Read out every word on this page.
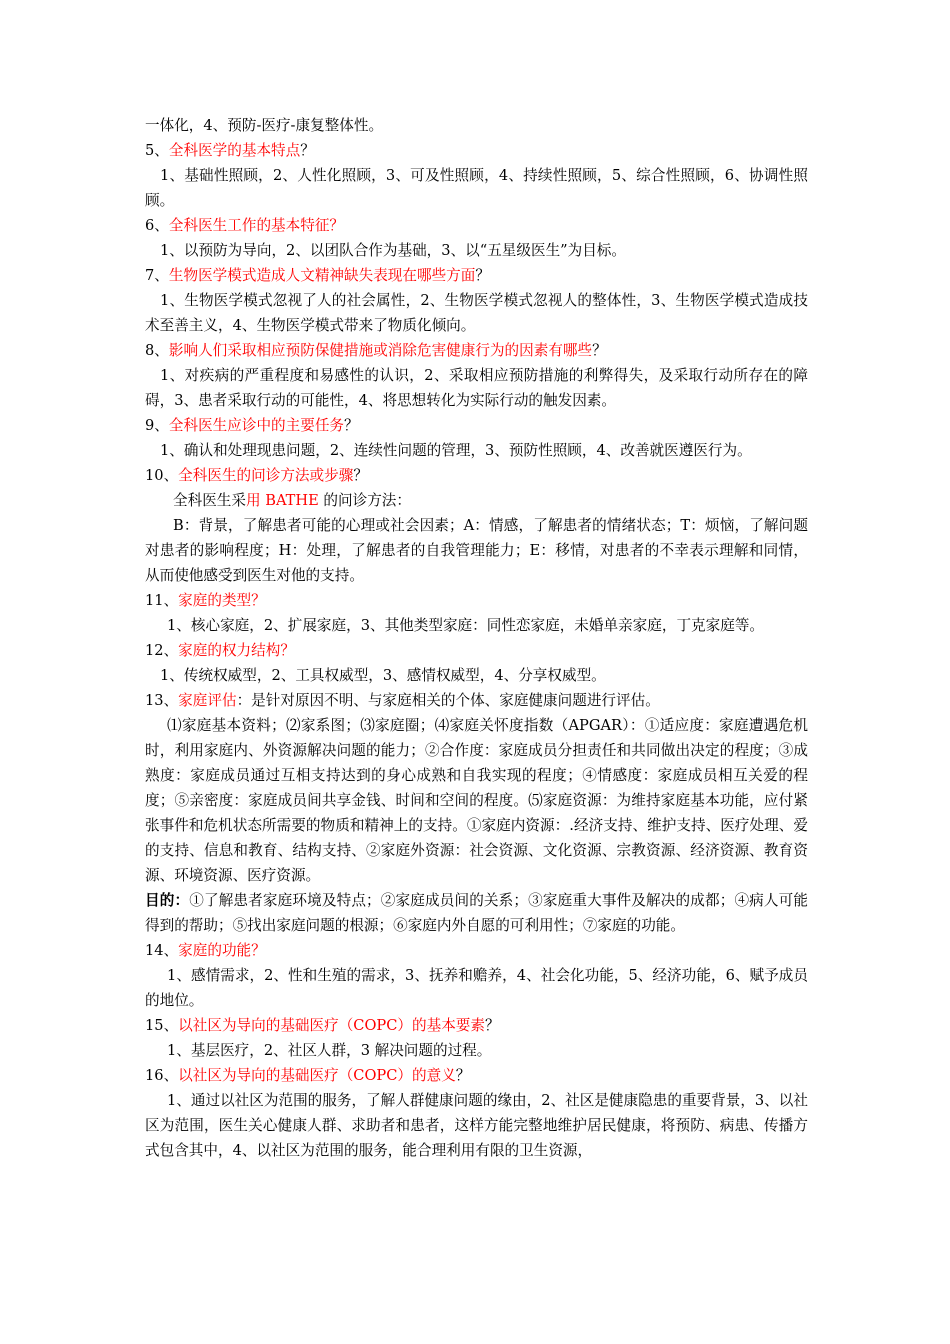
一体化，4、预防-医疗-康复整体性。

5、全科医学的基本特点？

1、基础性照顾，2、人性化照顾，3、可及性照顾，4、持续性照顾，5、综合性照顾，6、协调性照顾。

6、全科医生工作的基本特征？

1、以预防为导向，2、以团队合作为基础，3、以“五星级医生”为目标。

7、生物医学模式造成人文精神缺失表现在哪些方面？

1、生物医学模式忽视了人的社会属性，2、生物医学模式忽视人的整体性，3、生物医学模式造成技术至善主义，4、生物医学模式带来了物质化倾向。

8、影响人们采取相应预防保健措施或消除危害健康行为的因素有哪些？

1、对疾病的严重程度和易感性的认识，2、采取相应预防措施的利弊得失，及采取行动所存在的障碍，3、患者采取行动的可能性，4、将思想转化为实际行动的触发因素。

9、全科医生应诊中的主要任务？

1、确认和处理现患问题，2、连续性问题的管理，3、预防性照顾，4、改善就医遵医行为。

10、全科医生的问诊方法或步骤？

全科医生采用 BATHE 的问诊方法：

B：背景，了解患者可能的心理或社会因素；A：情感，了解患者的情绪状态；T：烦恼，了解问题对患者的影响程度；H：处理，了解患者的自我管理能力；E：移情，对患者的不幸表示理解和同情，从而使他感受到医生对他的支持。

11、家庭的类型？

1、核心家庭，2、扩展家庭，3、其他类型家庭：同性恋家庭，未婚单亲家庭，丁克家庭等。

12、家庭的权力结构？

1、传统权威型，2、工具权威型，3、感情权威型，4、分享权威型。

13、家庭评估：是针对原因不明、与家庭相关的个体、家庭健康问题进行评估。

⑴家庭基本资料；⑵家系图；⑶家庭圈；⑷家庭关怀度指数（APGAR）：①适应度：家庭遭遇危机时，利用家庭内、外资源解决问题的能力；②合作度：家庭成员分担责任和共同做出决定的程度；③成熟度：家庭成员通过互相支持达到的身心成熟和自我实现的程度；④情感度：家庭成员相互关爱的程度；⑤亲密度：家庭成员间共享金钱、时间和空间的程度。⑸家庭资源：为维持家庭基本功能，应付紧张事件和危机状态所需要的物质和精神上的支持。①家庭内资源：.经济支持、维护支持、医疗处理、爱的支持、信息和教育、结构支持、②家庭外资源：社会资源、文化资源、宗教资源、经济资源、教育资源、环境资源、医疗资源。

目的：①了解患者家庭环境及特点；②家庭成员间的关系；③家庭重大事件及解决的成都；④病人可能得到的帮助；⑤找出家庭问题的根源；⑥家庭内外自愿的可利用性；⑦家庭的功能。

14、家庭的功能？

1、感情需求，2、性和生殖的需求，3、抚养和赡养，4、社会化功能，5、经济功能，6、赋予成员的地位。

15、以社区为导向的基础医疗（COPC）的基本要素？

1、基层医疗，2、社区人群，3 解决问题的过程。

16、以社区为导向的基础医疗（COPC）的意义？

1、通过以社区为范围的服务，了解人群健康问题的缘由，2、社区是健康隐患的重要背景，3、以社区为范围，医生关心健康人群、求助者和患者，这样方能完整地维护居民健康，将预防、病患、传播方式包含其中，4、以社区为范围的服务，能合理利用有限的卫生资源，
